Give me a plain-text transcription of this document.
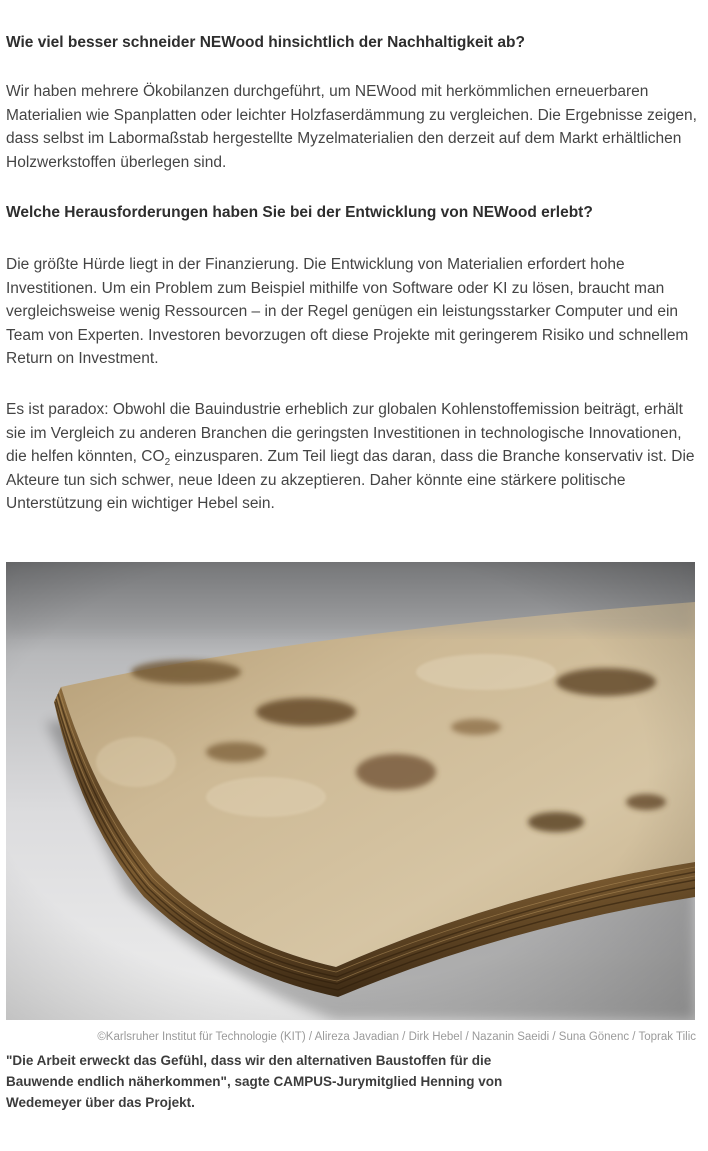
Wie viel besser schneider NEWood hinsichtlich der Nachhaltigkeit ab?

Wir haben mehrere Ökobilanzen durchgeführt, um NEWood mit herkömmlichen erneuerbaren Materialien wie Spanplatten oder leichter Holzfaserdämmung zu vergleichen. Die Ergebnisse zeigen, dass selbst im Labormaßstab hergestellte Myzelmaterialien den derzeit auf dem Markt erhältlichen Holzwerkstoffen überlegen sind.

Welche Herausforderungen haben Sie bei der Entwicklung von NEWood erlebt?

Die größte Hürde liegt in der Finanzierung. Die Entwicklung von Materialien erfordert hohe Investitionen. Um ein Problem zum Beispiel mithilfe von Software oder KI zu lösen, braucht man vergleichsweise wenig Ressourcen – in der Regel genügen ein leistungsstarker Computer und ein Team von Experten. Investoren bevorzugen oft diese Projekte mit geringerem Risiko und schnellem Return on Investment.

Es ist paradox: Obwohl die Bauindustrie erheblich zur globalen Kohlenstoffemission beiträgt, erhält sie im Vergleich zu anderen Branchen die geringsten Investitionen in technologische Innovationen, die helfen könnten, $CO_2$ einzusparen. Zum Teil liegt das daran, dass die Branche konservativ ist. Die Akteure tun sich schwer, neue Ideen zu akzeptieren. Daher könnte eine stärkere politische Unterstützung ein wichtiger Hebel sein.

©Karlsruher Institut für Technologie (KIT) / Alireza Javadian / Dirk Hebel / Nazanin Saeidi / Suna Gönenc / Toprak Tilic
"Die Arbeit erweckt das Gefühl, dass wir den alternativen Baustoffen für die Bauwende endlich näherkommen", sagte CAMPUS-Jurymitglied Henning von Wedemeyer über das Projekt.
